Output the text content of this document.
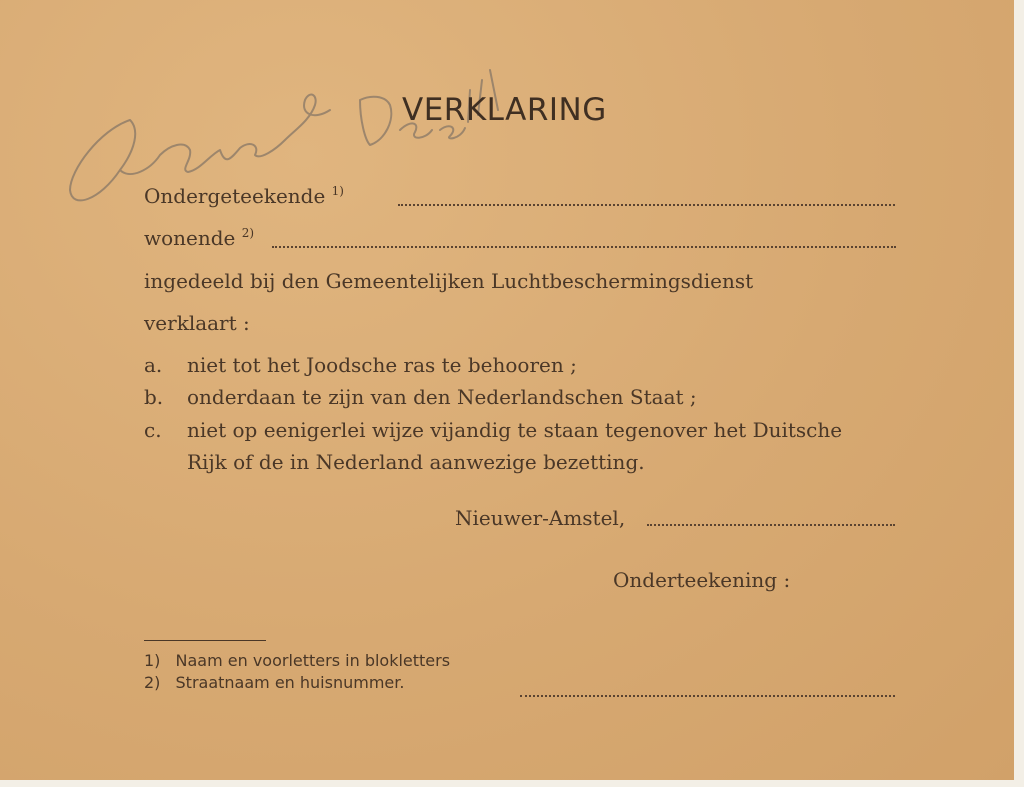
VERKLARING
Ondergeteekende $^{1)}$
wonende $^{2)}$
ingedeeld bij den Gemeentelijken Luchtbeschermingsdienst
verklaart :
a. niet tot het Joodsche ras te behooren ;
b. onderdaan te zijn van den Nederlandschen Staat ;
c. niet op eenigerlei wijze vijandig te staan tegenover het Duitsche
Rijk of de in Nederland aanwezige bezetting.
Nieuwer-Amstel,
Onderteekening :
1) Naam en voorletters in blokletters
2) Straatnaam en huisnummer.
